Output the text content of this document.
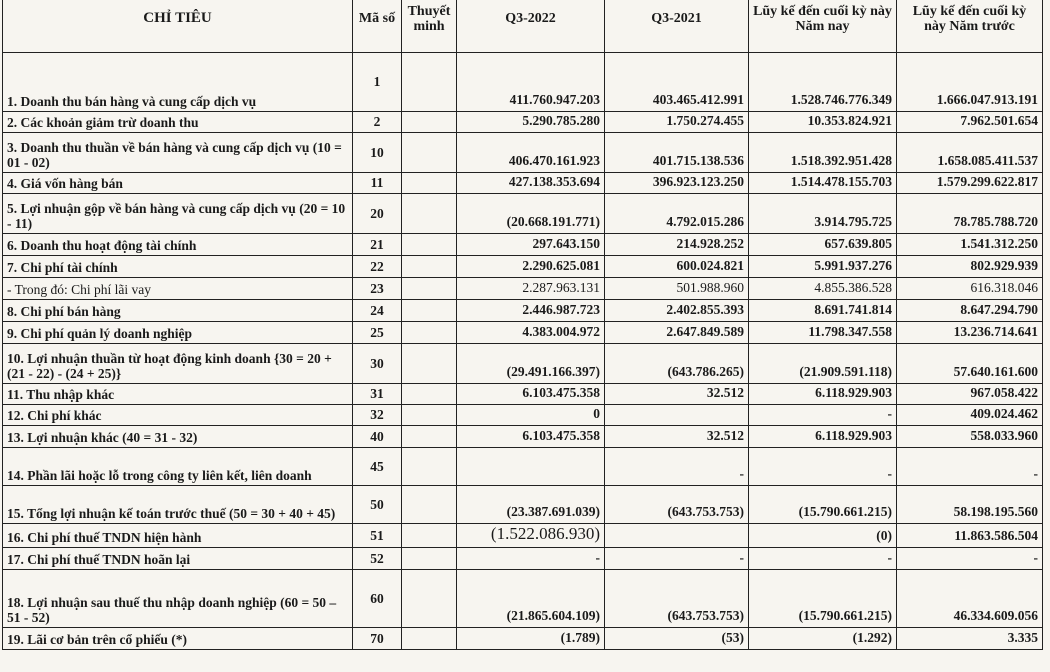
CHỈ TIÊU	Mã số	Thuyết minh	Q3-2022	Q3-2021	Lũy kế đến cuối kỳ này Năm nay	Lũy kế đến cuối kỳ này Năm trước
1. Doanh thu bán hàng và cung cấp dịch vụ	1		411.760.947.203	403.465.412.991	1.528.746.776.349	1.666.047.913.191
2. Các khoản giảm trừ doanh thu	2		5.290.785.280	1.750.274.455	10.353.824.921	7.962.501.654
3. Doanh thu thuần về bán hàng và cung cấp dịch vụ (10 = 01 - 02)	10		406.470.161.923	401.715.138.536	1.518.392.951.428	1.658.085.411.537
4. Giá vốn hàng bán	11		427.138.353.694	396.923.123.250	1.514.478.155.703	1.579.299.622.817
5. Lợi nhuận gộp về bán hàng và cung cấp dịch vụ (20 = 10 - 11)	20		(20.668.191.771)	4.792.015.286	3.914.795.725	78.785.788.720
6. Doanh thu hoạt động tài chính	21		297.643.150	214.928.252	657.639.805	1.541.312.250
7. Chi phí tài chính	22		2.290.625.081	600.024.821	5.991.937.276	802.929.939
- Trong đó: Chi phí lãi vay	23		2.287.963.131	501.988.960	4.855.386.528	616.318.046
8. Chi phí bán hàng	24		2.446.987.723	2.402.855.393	8.691.741.814	8.647.294.790
9. Chi phí quản lý doanh nghiệp	25		4.383.004.972	2.647.849.589	11.798.347.558	13.236.714.641
10. Lợi nhuận thuần từ hoạt động kinh doanh {30 = 20 + (21 - 22) - (24 + 25)}	30		(29.491.166.397)	(643.786.265)	(21.909.591.118)	57.640.161.600
11. Thu nhập khác	31		6.103.475.358	32.512	6.118.929.903	967.058.422
12. Chi phí khác	32		0		-	409.024.462
13. Lợi nhuận khác (40 = 31 - 32)	40		6.103.475.358	32.512	6.118.929.903	558.033.960
14. Phần lãi hoặc lỗ trong công ty liên kết, liên doanh	45			-	-	-
15. Tổng lợi nhuận kế toán trước thuế (50 = 30 + 40 + 45)	50		(23.387.691.039)	(643.753.753)	(15.790.661.215)	58.198.195.560
16. Chi phí thuế TNDN hiện hành	51		(1.522.086.930)		(0)	11.863.586.504
17. Chi phí thuế TNDN hoãn lại	52		-	-	-	-
18. Lợi nhuận sau thuế thu nhập doanh nghiệp (60 = 50 – 51 - 52)	60		(21.865.604.109)	(643.753.753)	(15.790.661.215)	46.334.609.056
19. Lãi cơ bản trên cổ phiếu (*)	70		(1.789)	(53)	(1.292)	3.335
